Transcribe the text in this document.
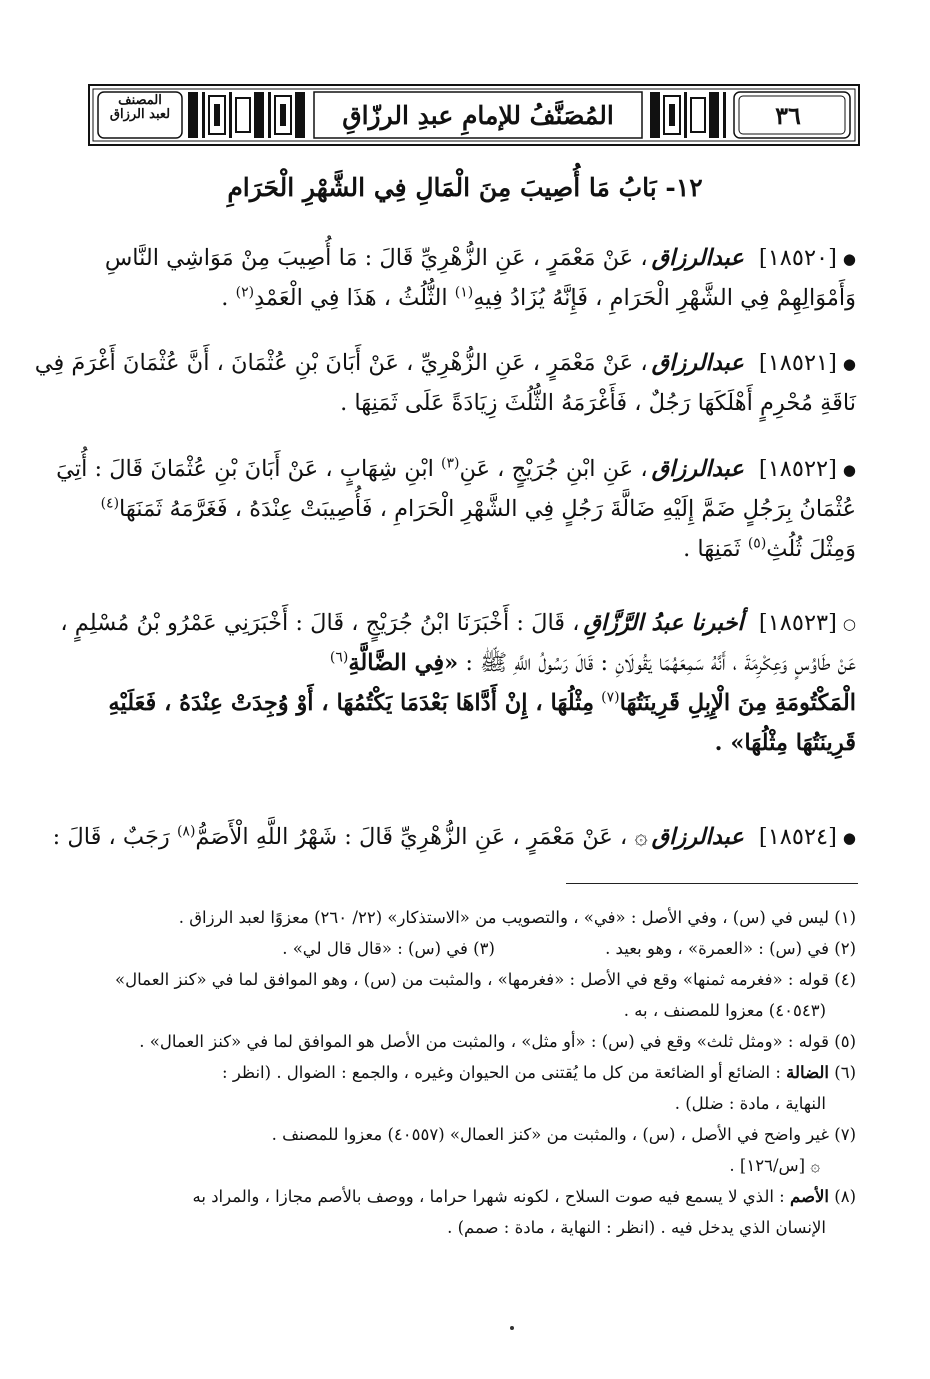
المصنف
لعبد الرزاق	المُصَنَّفُ للإمامِ عبدِ الرزّاقِ	٣٦
١٢- بَابُ مَا أُصِيبَ مِنَ الْمَالِ فِي الشَّهْرِ الْحَرَامِ
●[١٨٥٢٠] عبدالرزاق، عَنْ مَعْمَرٍ ، عَنِ الزُّهْرِيِّ قَالَ : مَا أُصِيبَ مِنْ مَوَاشِي النَّاسِ
وَأَمْوَالِهِمْ فِي الشَّهْرِ الْحَرَامِ ، فَإِنَّهُ يُزَادُ فِيهِ$^{(١)}$ الثُّلُثُ ، هَذَا فِي الْعَمْدِ$^{(٢)}$ .
●[١٨٥٢١] عبدالرزاق، عَنْ مَعْمَرٍ ، عَنِ الزُّهْرِيِّ ، عَنْ أَبَانَ بْنِ عُثْمَانَ ، أَنَّ عُثْمَانَ أَغْرَمَ فِي
نَاقَةِ مُحْرِمٍ أَهْلَكَهَا رَجُلٌ ، فَأَغْرَمَهُ الثُّلُثَ زِيَادَةً عَلَى ثَمَنِهَا .
●[١٨٥٢٢] عبدالرزاق، عَنِ ابْنِ جُرَيْجٍ ، عَنِ$^{(٣)}$ ابْنِ شِهَابٍ ، عَنْ أَبَانَ بْنِ عُثْمَانَ قَالَ : أُتِيَ
عُثْمَانُ بِرَجُلٍ ضَمَّ إِلَيْهِ ضَالَّةَ رَجُلٍ فِي الشَّهْرِ الْحَرَامِ ، فَأُصِيبَتْ عِنْدَهُ ، فَغَرَّمَهُ ثَمَنَهَا$^{(٤)}$
وَمِثْلَ ثُلُثِ$^{(٥)}$ ثَمَنِهَا .
○[١٨٥٢٣] أخبرنا عبدُ الرَّزَّاقِ، قَالَ : أَخْبَرَنَا ابْنُ جُرَيْجٍ ، قَالَ : أَخْبَرَنِي عَمْرُو بْنُ مُسْلِمٍ ،
عَنْ طَاوُسٍ وَعِكْرِمَةَ ، أَنَّهُ سَمِعَهُمَا يَقُولَانِ : قَالَ رَسُولُ اللَّهِ ﷺ : «فِي الضَّالَّةِ$^{(٦)}$
الْمَكْتُومَةِ مِنَ الْإِبِلِ قَرِينَتُهَا$^{(٧)}$ مِثْلُهَا ، إِنْ أَدَّاهَا بَعْدَمَا يَكْتُمُهَا ، أَوْ وُجِدَتْ عِنْدَهُ ، فَعَلَيْهِ
قَرِينَتُهَا مِثْلُهَا» .
●[١٨٥٢٤] عبدالرزاق۞ ، عَنْ مَعْمَرٍ ، عَنِ الزُّهْرِيِّ قَالَ : شَهْرُ اللَّهِ الْأَصَمُّ$^{(٨)}$ رَجَبٌ ، قَالَ :
(١) ليس في (س) ، وفي الأصل : «في» ، والتصويب من «الاستذكار» (٢٢/ ٢٦٠) معزوًا لعبد الرزاق .
(٢) في (س) : «العمرة» ، وهو بعيد .                     (٣) في (س) : «قال قال لي» .
(٤) قوله : «فغرمه ثمنها» وقع في الأصل : «فغرمها» ، والمثبت من (س) ، وهو الموافق لما في «كنز العمال»
(٤٠٥٤٣) معزوا للمصنف ، به .
(٥) قوله : «ومثل ثلث» وقع في (س) : «أو مثل» ، والمثبت من الأصل هو الموافق لما في «كنز العمال» .
(٦) الضالة : الضائع أو الضائعة من كل ما يُقتنى من الحيوان وغيره ، والجمع : الضوال . (انظر :
النهاية ، مادة : ضلل) .
(٧) غير واضح في الأصل ، (س) ، والمثبت من «كنز العمال» (٤٠٥٥٧) معزوا للمصنف .
۞ [س/١٢٦] .
(٨) الأصم : الذي لا يسمع فيه صوت السلاح ، لكونه شهرا حراما ، ووصف بالأصم مجازا ، والمراد به
الإنسان الذي يدخل فيه . (انظر : النهاية ، مادة : صمم) .
